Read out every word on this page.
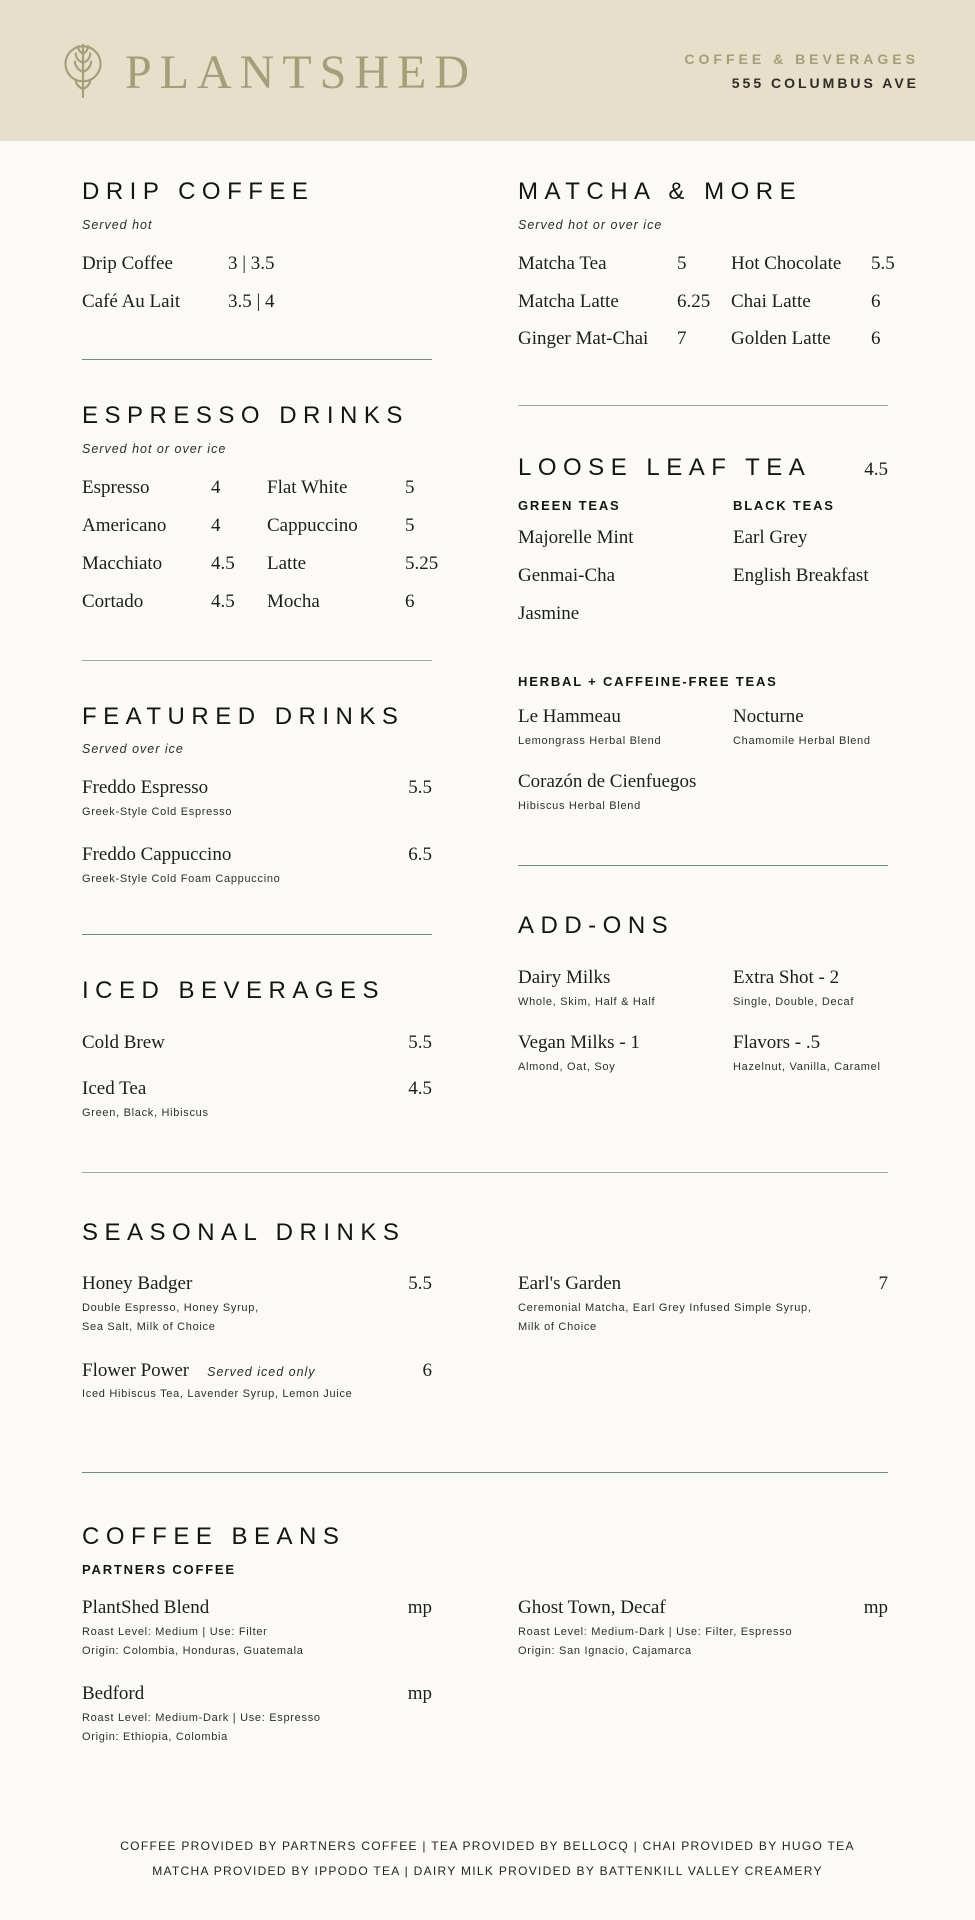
PLANTSHED	COFFEE & BEVERAGES
555 COLUMBUS AVE
DRIP COFFEE
Served hot
Drip Coffee	3 | 3.5
Café Au Lait	3.5 | 4
ESPRESSO DRINKS
Served hot or over ice
Espresso	4	Flat White	5
Americano	4	Cappuccino	5
Macchiato	4.5	Latte	5.25
Cortado	4.5	Mocha	6
FEATURED DRINKS
Served over ice
Freddo Espresso	5.5
Greek-Style Cold Espresso
Freddo Cappuccino	6.5
Greek-Style Cold Foam Cappuccino
ICED BEVERAGES
Cold Brew	5.5
Iced Tea	4.5
Green, Black, Hibiscus
MATCHA & MORE
Served hot or over ice
Matcha Tea	5	Hot Chocolate	5.5
Matcha Latte	6.25	Chai Latte	6
Ginger Mat-Chai	7	Golden Latte	6
LOOSE LEAF TEA	4.5
GREEN TEAS
Majorelle Mint
Genmai-Cha
Jasmine
BLACK TEAS
Earl Grey
English Breakfast
HERBAL + CAFFEINE-FREE TEAS
Le Hammeau
Lemongrass Herbal Blend
Corazón de Cienfuegos
Hibiscus Herbal Blend
Nocturne
Chamomile Herbal Blend
ADD-ONS
Dairy Milks
Whole, Skim, Half & Half
Vegan Milks - 1
Almond, Oat, Soy
Extra Shot - 2
Single, Double, Decaf
Flavors - .5
Hazelnut, Vanilla, Caramel
SEASONAL DRINKS
Honey Badger	5.5
Double Espresso, Honey Syrup,
Sea Salt, Milk of Choice
Flower Power Served iced only	6
Iced Hibiscus Tea, Lavender Syrup, Lemon Juice
Earl's Garden	7
Ceremonial Matcha, Earl Grey Infused Simple Syrup,
Milk of Choice
COFFEE BEANS
PARTNERS COFFEE
PlantShed Blend	mp
Roast Level: Medium | Use: Filter
Origin: Colombia, Honduras, Guatemala
Bedford	mp
Roast Level: Medium-Dark | Use: Espresso
Origin: Ethiopia, Colombia
Ghost Town, Decaf	mp
Roast Level: Medium-Dark | Use: Filter, Espresso
Origin: San Ignacio, Cajamarca
COFFEE PROVIDED BY PARTNERS COFFEE | TEA PROVIDED BY BELLOCQ | CHAI PROVIDED BY HUGO TEA
MATCHA PROVIDED BY IPPODO TEA | DAIRY MILK PROVIDED BY BATTENKILL VALLEY CREAMERY
